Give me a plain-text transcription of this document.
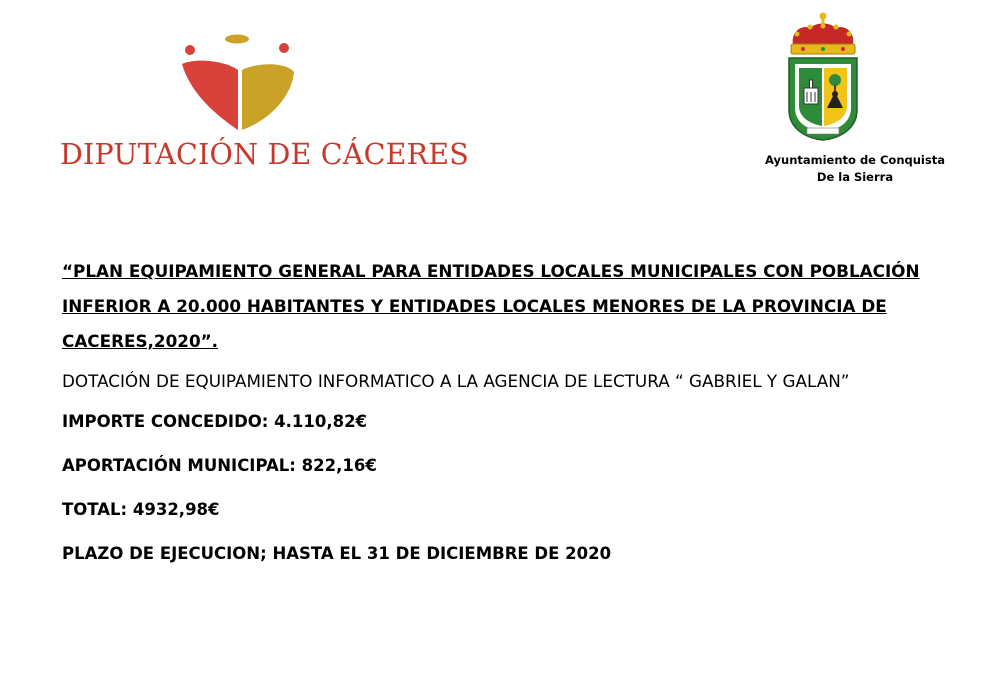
DIPUTACIÓN DE CÁCERES	Ayuntamiento de Conquista
De la Sierra

“PLAN EQUIPAMIENTO GENERAL PARA ENTIDADES LOCALES MUNICIPALES CON POBLACIÓN INFERIOR A 20.000 HABITANTES Y ENTIDADES LOCALES MENORES DE LA PROVINCIA DE CACERES,2020”.

DOTACIÓN DE EQUIPAMIENTO INFORMATICO A LA AGENCIA DE LECTURA “ GABRIEL Y GALAN”

IMPORTE CONCEDIDO: 4.110,82€

APORTACIÓN MUNICIPAL: 822,16€

TOTAL: 4932,98€

PLAZO DE EJECUCION; HASTA EL 31 DE DICIEMBRE DE 2020
